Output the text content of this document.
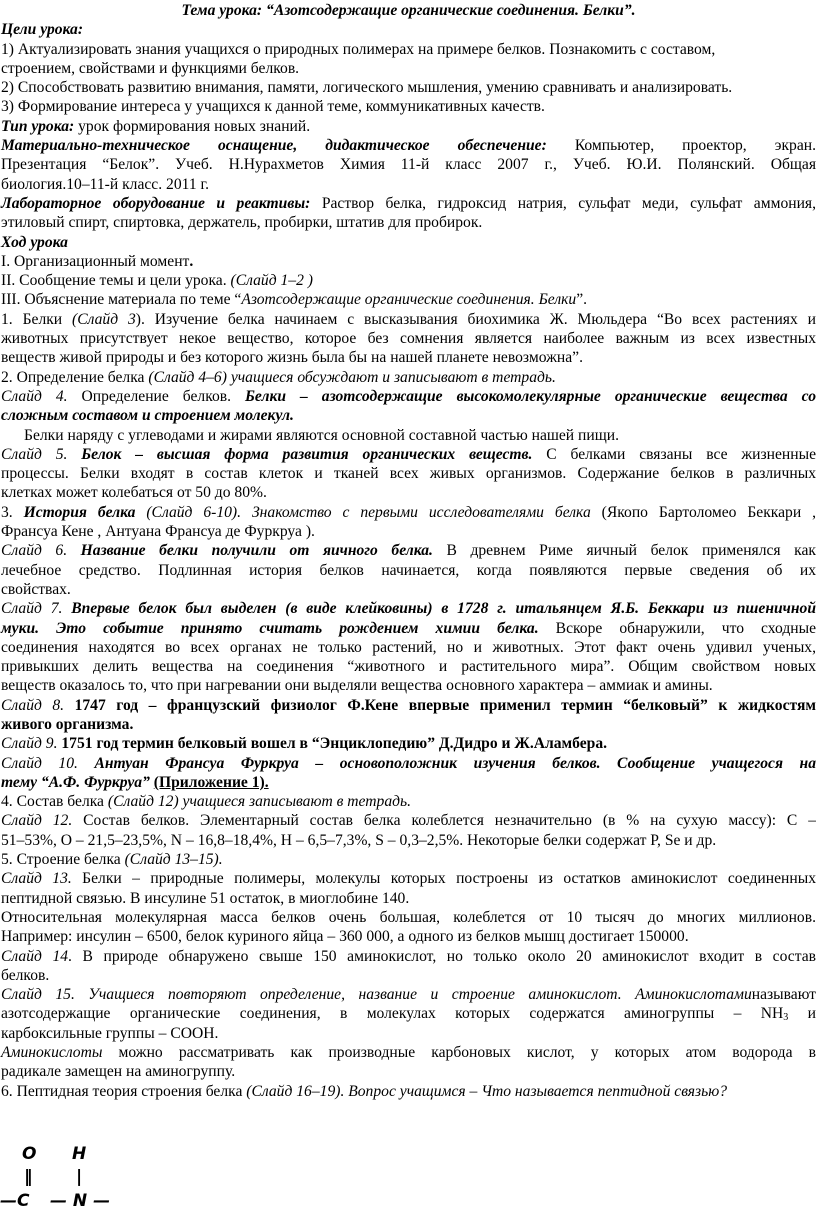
Тема урока: “Азотсодержащие органические соединения. Белки”.
Цели урока:
1) Актуализировать знания учащихся о природных полимерах на примере белков. Познакомить с составом,
строением, свойствами и функциями белков.
2) Способствовать развитию внимания, памяти, логического мышления, умению сравнивать и анализировать.
3) Формирование интереса у учащихся к данной теме, коммуникативных качеств.
Тип урока: урок формирования новых знаний.
Материально-техническое оснащение, дидактическое обеспечение: Компьютер, проектор, экран.
Презентация “Белок”. Учеб. Н.Нурахметов Химия 11-й класс 2007 г., Учеб. Ю.И. Полянский. Общая
биология.10–11-й класс. 2011 г.
Лабораторное оборудование и реактивы: Раствор белка, гидроксид натрия, сульфат меди, сульфат аммония,
этиловый спирт, спиртовка, держатель, пробирки, штатив для пробирок.
Ход урока
I. Организационный момент.
II. Сообщение темы и цели урока. (Слайд 1–2 )
III. Объяснение материала по теме “Азотсодержащие органические соединения. Белки”.
1. Белки (Слайд 3). Изучение белка начинаем с высказывания биохимика Ж. Мюльдера “Во всех растениях и
животных присутствует некое вещество, которое без сомнения является наиболее важным из всех известных
веществ живой природы и без которого жизнь была бы на нашей планете невозможна”.
2. Определение белка (Слайд 4–6) учащиеся обсуждают и записывают в тетрадь.
Слайд 4. Определение белков. Белки – азотсодержащие высокомолекулярные органические вещества со
сложным составом и строением молекул.
Белки наряду с углеводами и жирами являются основной составной частью нашей пищи.
Слайд 5. Белок – высшая форма развития органических веществ. С белками связаны все жизненные
процессы. Белки входят в состав клеток и тканей всех живых организмов. Содержание белков в различных
клетках может колебаться от 50 до 80%.
3. История белка (Слайд 6-10). Знакомство с первыми исследователями белка (Якопо Бартоломео Беккари ,
Франсуа Кене , Антуана Франсуа де Фуркруа ).
Слайд 6. Название белки получили от яичного белка. В древнем Риме яичный белок применялся как
лечебное средство. Подлинная история белков начинается, когда появляются первые сведения об их
свойствах.
Слайд 7. Впервые белок был выделен (в виде клейковины) в 1728 г. итальянцем Я.Б. Беккари из пшеничной
муки. Это событие принято считать рождением химии белка. Вскоре обнаружили, что сходные
соединения находятся во всех органах не только растений, но и животных. Этот факт очень удивил ученых,
привыкших делить вещества на соединения “животного и растительного мира”. Общим свойством новых
веществ оказалось то, что при нагревании они выделяли вещества основного характера – аммиак и амины.
Слайд 8. 1747 год – французский физиолог Ф.Кене впервые применил термин “белковый” к жидкостям
живого организма.
Слайд 9. 1751 год термин белковый вошел в “Энциклопедию” Д.Дидро и Ж.Аламбера.
Слайд 10. Антуан Франсуа Фуркруа – основоположник изучения белков. Сообщение учащегося на
тему “А.Ф. Фуркруа” (Приложение 1).
4. Состав белка (Слайд 12) учащиеся записывают в тетрадь.
Слайд 12. Состав белков. Элементарный состав белка колеблется незначительно (в % на сухую массу): С –
51–53%, О – 21,5–23,5%, N – 16,8–18,4%, H – 6,5–7,3%, S – 0,3–2,5%. Некоторые белки содержат Р, Se и др.
5. Строение белка (Слайд 13–15).
Слайд 13. Белки – природные полимеры, молекулы которых построены из остатков аминокислот соединенных
пептидной связью. В инсулине 51 остаток, в миоглобине 140.
Относительная молекулярная масса белков очень большая, колеблется от 10 тысяч до многих миллионов.
Например: инсулин – 6500, белок куриного яйца – 360 000, а одного из белков мышц достигает 150000.
Слайд 14. В природе обнаружено свыше 150 аминокислот, но только около 20 аминокислот входит в состав
белков.
Слайд 15. Учащиеся повторяют определение, название и строение аминокислот. Аминокислотаминазывают
азотсодержащие органические соединения, в молекулах которых содержатся аминогруппы – $NH_3$ и
карбоксильные группы – COOH.
Аминокислоты можно рассматривать как производные карбоновых кислот, у которых атом водорода в
радикале замещен на аминогруппу.
6. Пептидная теория строения белка (Слайд 16–19). Вопрос учащимся – Что называется пептидной связью?
O H
‖	|
—C — N —
